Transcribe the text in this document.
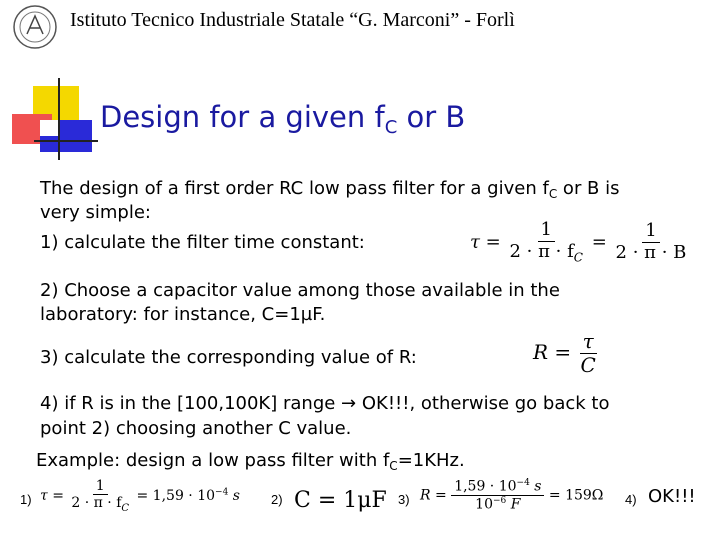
Istituto Tecnico Industriale Statale “G. Marconi” - Forlì
Design for a given $f_C$ or B
The design of a first order RC low pass filter for a given $f_C$ or B is
very simple:
1) calculate the filter time constant:	$\tau = \frac{1}{2 \cdot \pi \cdot f_C} = \frac{1}{2 \cdot \pi \cdot B}$
2) Choose a capacitor value among those available in the
laboratory: for instance, C=1µF.
3) calculate the corresponding value of R:	$R = \frac{\tau}{C}$
4) if R is in the [100,100K] range → OK!!!, otherwise go back to
point 2) choosing another C value.
Example: design a low pass filter with $f_C=1KHz$.
1) $\tau = \frac{1}{2 \cdot \pi \cdot f_C} = 1,59 \cdot 10^{-4}$ s 2) C = 1μF 3) $R = \frac{1,59 \cdot 10^{-4} s}{10^{-6} F} = 159\Omega$ 4) OK!!!
